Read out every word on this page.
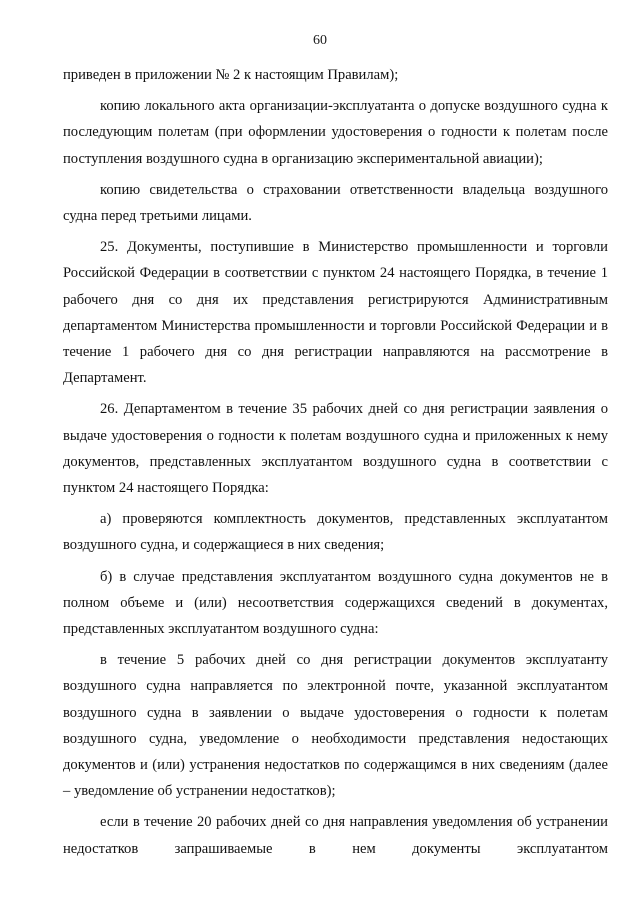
60

приведен в приложении № 2 к настоящим Правилам);

копию локального акта организации-эксплуатанта о допуске воздушного судна к последующим полетам (при оформлении удостоверения о годности к полетам после поступления воздушного судна в организацию экспериментальной авиации);

копию свидетельства о страховании ответственности владельца воздушного судна перед третьими лицами.

25. Документы, поступившие в Министерство промышленности и торговли Российской Федерации в соответствии с пунктом 24 настоящего Порядка, в течение 1 рабочего дня со дня их представления регистрируются Административным департаментом Министерства промышленности и торговли Российской Федерации и в течение 1 рабочего дня со дня регистрации направляются на рассмотрение в Департамент.

26. Департаментом в течение 35 рабочих дней со дня регистрации заявления о выдаче удостоверения о годности к полетам воздушного судна и приложенных к нему документов, представленных эксплуатантом воздушного судна в соответствии с пунктом 24 настоящего Порядка:

а) проверяются комплектность документов, представленных эксплуатантом воздушного судна, и содержащиеся в них сведения;

б) в случае представления эксплуатантом воздушного судна документов не в полном объеме и (или) несоответствия содержащихся сведений в документах, представленных эксплуатантом воздушного судна:

в течение 5 рабочих дней со дня регистрации документов эксплуатанту воздушного судна направляется по электронной почте, указанной эксплуатантом воздушного судна в заявлении о выдаче удостоверения о годности к полетам воздушного судна, уведомление о необходимости представления недостающих документов и (или) устранения недостатков по содержащимся в них сведениям (далее – уведомление об устранении недостатков);

если в течение 20 рабочих дней со дня направления уведомления об устранении недостатков запрашиваемые в нем документы эксплуатантом
